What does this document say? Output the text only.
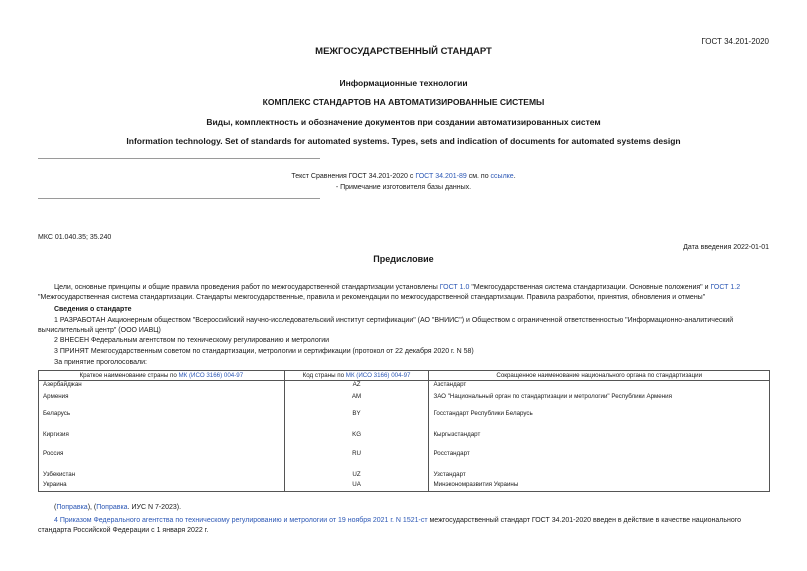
ГОСТ 34.201-2020
МЕЖГОСУДАРСТВЕННЫЙ СТАНДАРТ
Информационные технологии
КОМПЛЕКС СТАНДАРТОВ НА АВТОМАТИЗИРОВАННЫЕ СИСТЕМЫ
Виды, комплектность и обозначение документов при создании автоматизированных систем
Information technology. Set of standards for automated systems. Types, sets and indication of documents for automated systems design
Текст Сравнения ГОСТ 34.201-2020 с ГОСТ 34.201-89 см. по ссылке.
- Примечание изготовителя базы данных.
МКС 01.040.35; 35.240
Дата введения 2022-01-01
Предисловие
Цели, основные принципы и общие правила проведения работ по межгосударственной стандартизации установлены ГОСТ 1.0 "Межгосударственная система стандартизации. Основные положения" и ГОСТ 1.2 "Межгосударственная система стандартизации. Стандарты межгосударственные, правила и рекомендации по межгосударственной стандартизации. Правила разработки, принятия, обновления и отмены"
Сведения о стандарте
1 РАЗРАБОТАН Акционерным обществом "Всероссийский научно-исследовательский институт сертификации" (АО "ВНИИС") и Обществом с ограниченной ответственностью "Информационно-аналитический вычислительный центр" (ООО ИАВЦ)
2 ВНЕСЕН Федеральным агентством по техническому регулированию и метрологии
3 ПРИНЯТ Межгосударственным советом по стандартизации, метрологии и сертификации (протокол от 22 декабря 2020 г. N 58)
За принятие проголосовали:
Краткое наименование страны по МК (ИСО 3166) 004-97	Код страны по МК (ИСО 3166) 004-97	Сокращенное наименование национального органа по стандартизации
Азербайджан	AZ	Азстандарт
Армения	AM	ЗАО "Национальный орган по стандартизации и метрологии" Республики Армения
Беларусь	BY	Госстандарт Республики Беларусь
Киргизия	KG	Кыргызстандарт
Россия	RU	Росстандарт
Узбекистан	UZ	Узстандарт
Украина	UA	Минэкономразвития Украины
(Поправка), (Поправка. ИУС N 7-2023).
4 Приказом Федерального агентства по техническому регулированию и метрологии от 19 ноября 2021 г. N 1521-ст межгосударственный стандарт ГОСТ 34.201-2020 введен в действие в качестве национального стандарта Российской Федерации с 1 января 2022 г.
